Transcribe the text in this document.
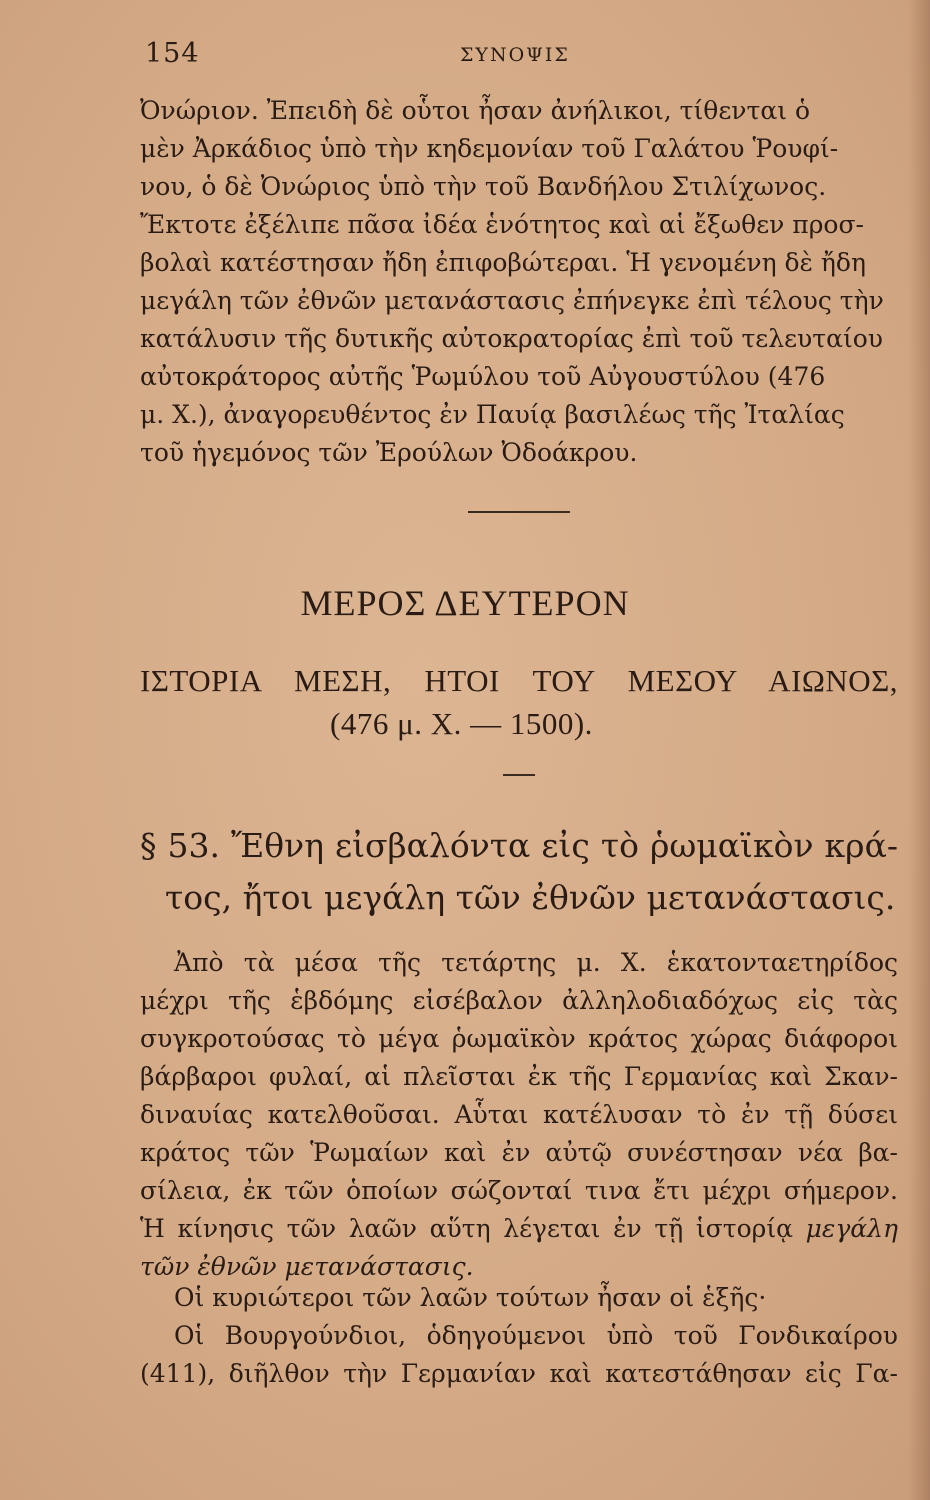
154	ΣΥΝΟΨΙΣ
Ὀνώριον. Ἐπειδὴ δὲ οὗτοι ἦσαν ἀνήλικοι, τίθενται ὁ
μὲν Ἀρκάδιος ὑπὸ τὴν κηδεμονίαν τοῦ Γαλάτου Ῥουφί-
νου, ὁ δὲ Ὀνώριος ὑπὸ τὴν τοῦ Βανδήλου Στιλίχωνος.
Ἔκτοτε ἐξέλιπε πᾶσα ἰδέα ἑνότητος καὶ αἱ ἔξωθεν προσ-
βολαὶ κατέστησαν ἤδη ἐπιφοβώτεραι. Ἡ γενομένη δὲ ἤδη
μεγάλη τῶν ἐθνῶν μετανάστασις ἐπήνεγκε ἐπὶ τέλους τὴν
κατάλυσιν τῆς δυτικῆς αὐτοκρατορίας ἐπὶ τοῦ τελευταίου
αὐτοκράτορος αὐτῆς Ῥωμύλου τοῦ Αὐγουστύλου (476
μ. Χ.), ἀναγορευθέντος ἐν Παυίᾳ βασιλέως τῆς Ἰταλίας
τοῦ ἡγεμόνος τῶν Ἐρούλων Ὀδοάκρου.
ΜΕΡΟΣ ΔΕΥΤΕΡΟΝ
ΙΣΤΟΡΙΑ ΜΕΣΗ, ΗΤΟΙ ΤΟΥ ΜΕΣΟΥ ΑΙΩΝΟΣ,
(476 μ. Χ. — 1500).
§ 53. Ἔθνη εἰσβαλόντα εἰς τὸ ῥωμαϊκὸν κρά-
τος, ἤτοι μεγάλη τῶν ἐθνῶν μετανάστασις.
Ἀπὸ τὰ μέσα τῆς τετάρτης μ. Χ. ἑκατονταετηρίδος
μέχρι τῆς ἑβδόμης εἰσέβαλον ἀλληλοδιαδόχως εἰς τὰς
συγκροτούσας τὸ μέγα ῥωμαϊκὸν κράτος χώρας διάφοροι
βάρβαροι φυλαί, αἱ πλεῖσται ἐκ τῆς Γερμανίας καὶ Σκαν-
διναυίας κατελθοῦσαι. Αὗται κατέλυσαν τὸ ἐν τῇ δύσει
κράτος τῶν Ῥωμαίων καὶ ἐν αὐτῷ συνέστησαν νέα βα-
σίλεια, ἐκ τῶν ὁποίων σώζονταί τινα ἔτι μέχρι σήμερον.
Ἡ κίνησις τῶν λαῶν αὕτη λέγεται ἐν τῇ ἱστορίᾳ μεγάλη
τῶν ἐθνῶν μετανάστασις.
Οἱ κυριώτεροι τῶν λαῶν τούτων ἦσαν οἱ ἑξῆς·
Οἱ Βουργούνδιοι, ὁδηγούμενοι ὑπὸ τοῦ Γονδικαίρου
(411), διῆλθον τὴν Γερμανίαν καὶ κατεστάθησαν εἰς Γα-
